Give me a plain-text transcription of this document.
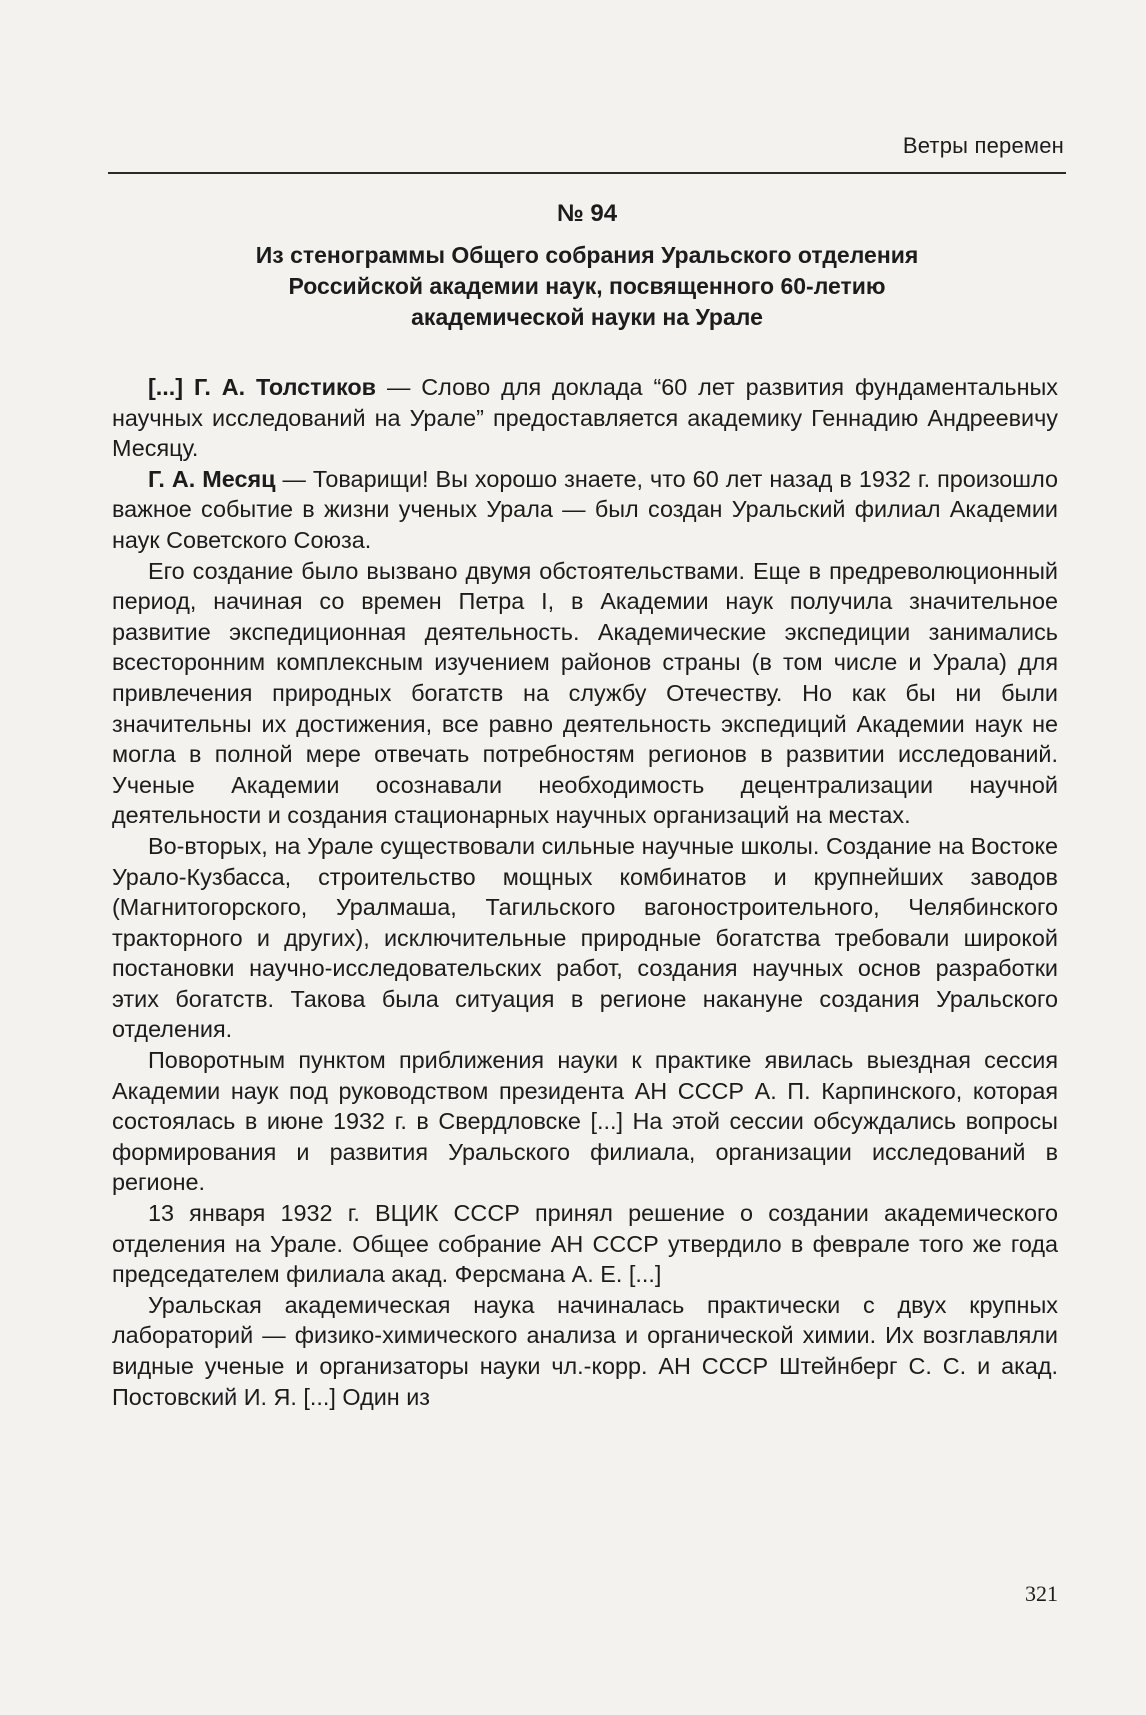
Ветры перемен
№ 94
Из стенограммы Общего собрания Уральского отделения
Российской академии наук, посвященного 60-летию
академической науки на Урале

[...] Г. А. Толстиков — Слово для доклада “60 лет развития фундаментальных научных исследований на Урале” предоставляется академику Геннадию Андреевичу Месяцу.

Г. А. Месяц — Товарищи! Вы хорошо знаете, что 60 лет назад в 1932 г. произошло важное событие в жизни ученых Урала — был создан Уральский филиал Академии наук Советского Союза.

Его создание было вызвано двумя обстоятельствами. Еще в предреволюционный период, начиная со времен Петра I, в Академии наук получила значительное развитие экспедиционная деятельность. Академические экспедиции занимались всесторонним комплексным изучением районов страны (в том числе и Урала) для привлечения природных богатств на службу Отечеству. Но как бы ни были значительны их достижения, все равно деятельность экспедиций Академии наук не могла в полной мере отвечать потребностям регионов в развитии исследований. Ученые Академии осознавали необходимость децентрализации научной деятельности и создания стационарных научных организаций на местах.

Во-вторых, на Урале существовали сильные научные школы. Создание на Востоке Урало-Кузбасса, строительство мощных комбинатов и крупнейших заводов (Магнитогорского, Уралмаша, Тагильского вагоностроительного, Челябинского тракторного и других), исключительные природные богатства требовали широкой постановки научно-исследовательских работ, создания научных основ разработки этих богатств. Такова была ситуация в регионе накануне создания Уральского отделения.

Поворотным пунктом приближения науки к практике явилась выездная сессия Академии наук под руководством президента АН СССР А. П. Карпинского, которая состоялась в июне 1932 г. в Свердловске [...] На этой сессии обсуждались вопросы формирования и развития Уральского филиала, организации исследований в регионе.

13 января 1932 г. ВЦИК СССР принял решение о создании академического отделения на Урале. Общее собрание АН СССР утвердило в феврале того же года председателем филиала акад. Ферсмана А. Е. [...]

Уральская академическая наука начиналась практически с двух крупных лабораторий — физико-химического анализа и органической химии. Их возглавляли видные ученые и организаторы науки чл.-корр. АН СССР Штейнберг С. С. и акад. Постовский И. Я. [...] Один из

321
